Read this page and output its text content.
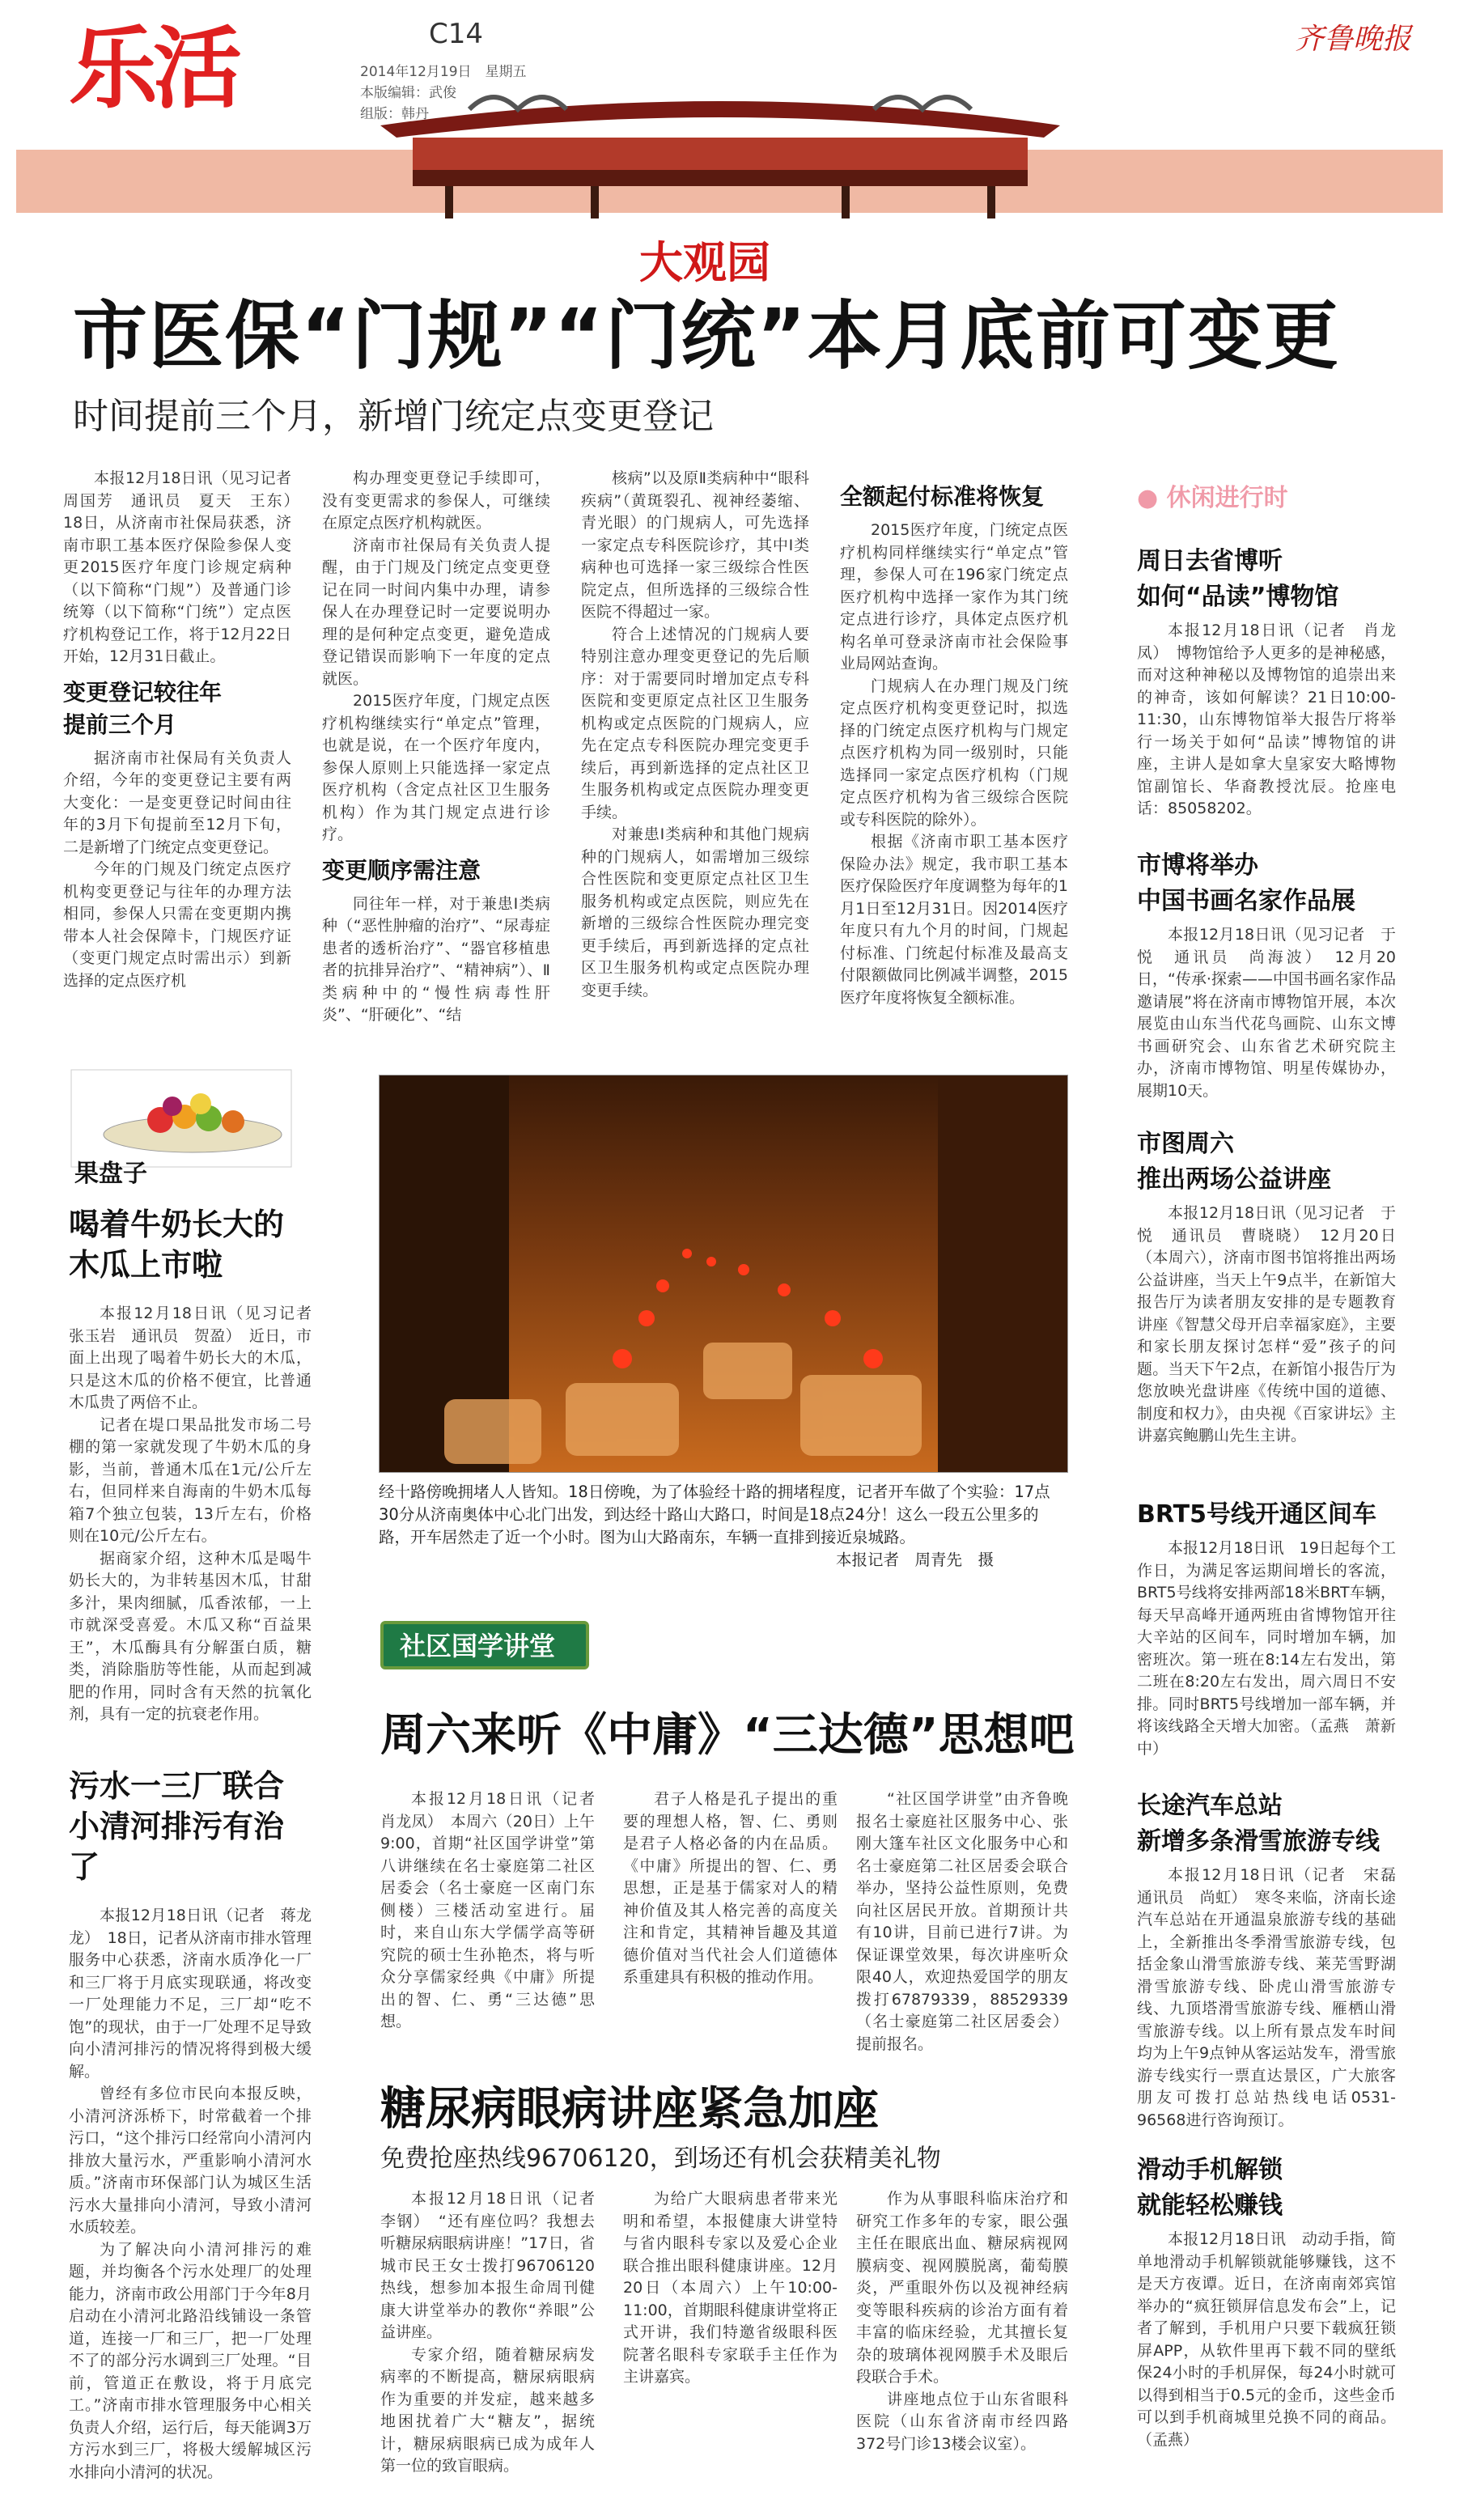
乐活	C14
2014年12月19日　星期五
本版编辑：武俊
组版：韩丹
齐鲁晚报
大观园
市医保“门规”“门统”本月底前可变更
时间提前三个月，新增门统定点变更登记

本报12月18日讯（见习记者　周国芳　通讯员　夏天　王东）　18日，从济南市社保局获悉，济南市职工基本医疗保险参保人变更2015医疗年度门诊规定病种（以下简称“门规”）及普通门诊统筹（以下简称“门统”）定点医疗机构登记工作，将于12月22日开始，12月31日截止。

变更登记较往年
提前三个月

据济南市社保局有关负责人介绍，今年的变更登记主要有两大变化：一是变更登记时间由往年的3月下旬提前至12月下旬，二是新增了门统定点变更登记。

今年的门规及门统定点医疗机构变更登记与往年的办理方法相同，参保人只需在变更期内携带本人社会保障卡，门规医疗证（变更门规定点时需出示）到新选择的定点医疗机

构办理变更登记手续即可，没有变更需求的参保人，可继续在原定点医疗机构就医。

济南市社保局有关负责人提醒，由于门规及门统定点变更登记在同一时间内集中办理，请参保人在办理登记时一定要说明办理的是何种定点变更，避免造成登记错误而影响下一年度的定点就医。

2015医疗年度，门规定点医疗机构继续实行“单定点”管理，也就是说，在一个医疗年度内，参保人原则上只能选择一家定点医疗机构（含定点社区卫生服务机构）作为其门规定点进行诊疗。

变更顺序需注意

同往年一样，对于兼患Ⅰ类病种（“恶性肿瘤的治疗”、“尿毒症患者的透析治疗”、“器官移植患者的抗排异治疗”、“精神病”）、Ⅱ类病种中的“慢性病毒性肝炎”、“肝硬化”、“结

核病”以及原Ⅱ类病种中“眼科疾病”（黄斑裂孔、视神经萎缩、青光眼）的门规病人，可先选择一家定点专科医院诊疗，其中Ⅰ类病种也可选择一家三级综合性医院定点，但所选择的三级综合性医院不得超过一家。

符合上述情况的门规病人要特别注意办理变更登记的先后顺序：对于需要同时增加定点专科医院和变更原定点社区卫生服务机构或定点医院的门规病人，应先在定点专科医院办理完变更手续后，再到新选择的定点社区卫生服务机构或定点医院办理变更手续。

对兼患Ⅰ类病种和其他门规病种的门规病人，如需增加三级综合性医院和变更原定点社区卫生服务机构或定点医院，则应先在新增的三级综合性医院办理完变更手续后，再到新选择的定点社区卫生服务机构或定点医院办理变更手续。

全额起付标准将恢复

2015医疗年度，门统定点医疗机构同样继续实行“单定点”管理，参保人可在196家门统定点医疗机构中选择一家作为其门统定点进行诊疗，具体定点医疗机构名单可登录济南市社会保险事业局网站查询。

门规病人在办理门规及门统定点医疗机构变更登记时，拟选择的门统定点医疗机构与门规定点医疗机构为同一级别时，只能选择同一家定点医疗机构（门规定点医疗机构为省三级综合医院或专科医院的除外）。

根据《济南市职工基本医疗保险办法》规定，我市职工基本医疗保险医疗年度调整为每年的1月1日至12月31日。因2014医疗年度只有九个月的时间，门规起付标准、门统起付标准及最高支付限额做同比例减半调整，2015医疗年度将恢复全额标准。

经十路傍晚拥堵人人皆知。18日傍晚，为了体验经十路的拥堵程度，记者开车做了个实验：17点30分从济南奥体中心北门出发，到达经十路山大路口，时间是18点24分！这么一段五公里多的路，开车居然走了近一个小时。图为山大路南东，车辆一直排到接近泉城路。
本报记者　周青先　摄
果盘子
喝着牛奶长大的
木瓜上市啦

本报12月18日讯（见习记者　张玉岩　通讯员　贺盈）　近日，市面上出现了喝着牛奶长大的木瓜，只是这木瓜的价格不便宜，比普通木瓜贵了两倍不止。

记者在堤口果品批发市场二号棚的第一家就发现了牛奶木瓜的身影，当前，普通木瓜在1元/公斤左右，但同样来自海南的牛奶木瓜每箱7个独立包装，13斤左右，价格则在10元/公斤左右。

据商家介绍，这种木瓜是喝牛奶长大的，为非转基因木瓜，甘甜多汁，果肉细腻，瓜香浓郁，一上市就深受喜爱。木瓜又称“百益果王”，木瓜酶具有分解蛋白质，糖类，消除脂肪等性能，从而起到减肥的作用，同时含有天然的抗氧化剂，具有一定的抗衰老作用。

污水一三厂联合
小清河排污有治了

本报12月18日讯（记者　蒋龙龙）　18日，记者从济南市排水管理服务中心获悉，济南水质净化一厂和三厂将于月底实现联通，将改变一厂处理能力不足，三厂却“吃不饱”的现状，由于一厂处理不足导致向小清河排污的情况将得到极大缓解。

曾经有多位市民向本报反映，小清河济泺桥下，时常截着一个排污口，“这个排污口经常向小清河内排放大量污水，严重影响小清河水质。”济南市环保部门认为城区生活污水大量排向小清河，导致小清河水质较差。

为了解决向小清河排污的难题，并均衡各个污水处理厂的处理能力，济南市政公用部门于今年8月启动在小清河北路沿线铺设一条管道，连接一厂和三厂，把一厂处理不了的部分污水调到三厂处理。“目前，管道正在敷设，将于月底完工。”济南市排水管理服务中心相关负责人介绍，运行后，每天能调3万方污水到三厂，将极大缓解城区污水排向小清河的状况。

● 休闲进行时
周日去省博听
如何“品读”博物馆

本报12月18日讯（记者　肖龙凤）　博物馆给予人更多的是神秘感，而对这种神秘以及博物馆的追崇出来的神奇，该如何解读？21日10:00-11:30，山东博物馆举大报告厅将举行一场关于如何“品读”博物馆的讲座，主讲人是如拿大皇家安大略博物馆副馆长、华裔教授沈辰。抢座电话：85058202。

市博将举办
中国书画名家作品展

本报12月18日讯（见习记者　于悦　通讯员　尚海波）　12月20日，“传承·探索——中国书画名家作品邀请展”将在济南市博物馆开展，本次展览由山东当代花鸟画院、山东文博书画研究会、山东省艺术研究院主办，济南市博物馆、明星传媒协办，展期10天。

市图周六
推出两场公益讲座

本报12月18日讯（见习记者　于悦　通讯员　曹晓晓）　12月20日（本周六），济南市图书馆将推出两场公益讲座，当天上午9点半，在新馆大报告厅为读者朋友安排的是专题教育讲座《智慧父母开启幸福家庭》，主要和家长朋友探讨怎样“爱”孩子的问题。当天下午2点，在新馆小报告厅为您放映光盘讲座《传统中国的道德、制度和权力》，由央视《百家讲坛》主讲嘉宾鲍鹏山先生主讲。

BRT5号线开通区间车

本报12月18日讯　19日起每个工作日，为满足客运期间增长的客流，BRT5号线将安排两部18米BRT车辆，每天早高峰开通两班由省博物馆开往大辛站的区间车，同时增加车辆，加密班次。第一班在8:14左右发出，第二班在8:20左右发出，周六周日不安排。同时BRT5号线增加一部车辆，并将该线路全天增大加密。（孟燕　萧新中）

长途汽车总站
新增多条滑雪旅游专线

本报12月18日讯（记者　宋磊　通讯员　尚虹）　寒冬来临，济南长途汽车总站在开通温泉旅游专线的基础上，全新推出冬季滑雪旅游专线，包括金象山滑雪旅游专线、莱芜雪野湖滑雪旅游专线、卧虎山滑雪旅游专线、九顶塔滑雪旅游专线、雁栖山滑雪旅游专线。以上所有景点发车时间均为上午9点钟从客运站发车，滑雪旅游专线实行一票直达景区，广大旅客朋友可拨打总站热线电话0531-96568进行咨询预订。

滑动手机解锁
就能轻松赚钱

本报12月18日讯　动动手指，简单地滑动手机解锁就能够赚钱，这不是天方夜谭。近日，在济南南郊宾馆举办的“疯狂锁屏信息发布会”上，记者了解到，手机用户只要下载疯狂锁屏APP，从软件里再下载不同的壁纸保24小时的手机屏保，每24小时就可以得到相当于0.5元的金币，这些金币可以到手机商城里兑换不同的商品。（孟燕）

社区国学讲堂
周六来听《中庸》“三达德”思想吧

本报12月18日讯（记者　肖龙凤）　本周六（20日）上午9:00，首期“社区国学讲堂”第八讲继续在名士豪庭第二社区居委会（名士豪庭一区南门东侧楼）三楼活动室进行。届时，来自山东大学儒学高等研究院的硕士生孙艳杰，将与听众分享儒家经典《中庸》所提出的智、仁、勇“三达德”思想。

君子人格是孔子提出的重要的理想人格，智、仁、勇则是君子人格必备的内在品质。《中庸》所提出的智、仁、勇思想，正是基于儒家对人的精神价值及其人格完善的高度关注和肯定，其精神旨趣及其道德价值对当代社会人们道德体系重建具有积极的推动作用。

“社区国学讲堂”由齐鲁晚报名士豪庭社区服务中心、张刚大篷车社区文化服务中心和名士豪庭第二社区居委会联合举办，坚持公益性原则，免费向社区居民开放。首期预计共有10讲，目前已进行7讲。为保证课堂效果，每次讲座听众限40人，欢迎热爱国学的朋友拨打67879339，88529339（名士豪庭第二社区居委会）提前报名。

糖尿病眼病讲座紧急加座
免费抢座热线96706120，到场还有机会获精美礼物

本报12月18日讯（记者　李钢）　“还有座位吗？我想去听糖尿病眼病讲座！”17日，省城市民王女士拨打96706120热线，想参加本报生命周刊健康大讲堂举办的教你“养眼”公益讲座。

专家介绍，随着糖尿病发病率的不断提高，糖尿病眼病作为重要的并发症，越来越多地困扰着广大“糖友”，据统计，糖尿病眼病已成为成年人第一位的致盲眼病。

为给广大眼病患者带来光明和希望，本报健康大讲堂特与省内眼科专家以及爱心企业联合推出眼科健康讲座。12月20日（本周六）上午10:00-11:00，首期眼科健康讲堂将正式开讲，我们特邀省级眼科医院著名眼科专家联手主任作为主讲嘉宾。

作为从事眼科临床治疗和研究工作多年的专家，眼公强主任在眼底出血、糖尿病视网膜病变、视网膜脱离，葡萄膜炎，严重眼外伤以及视神经病变等眼科疾病的诊治方面有着丰富的临床经验，尤其擅长复杂的玻璃体视网膜手术及眼后段联合手术。

讲座地点位于山东省眼科医院（山东省济南市经四路372号门诊13楼会议室）。
